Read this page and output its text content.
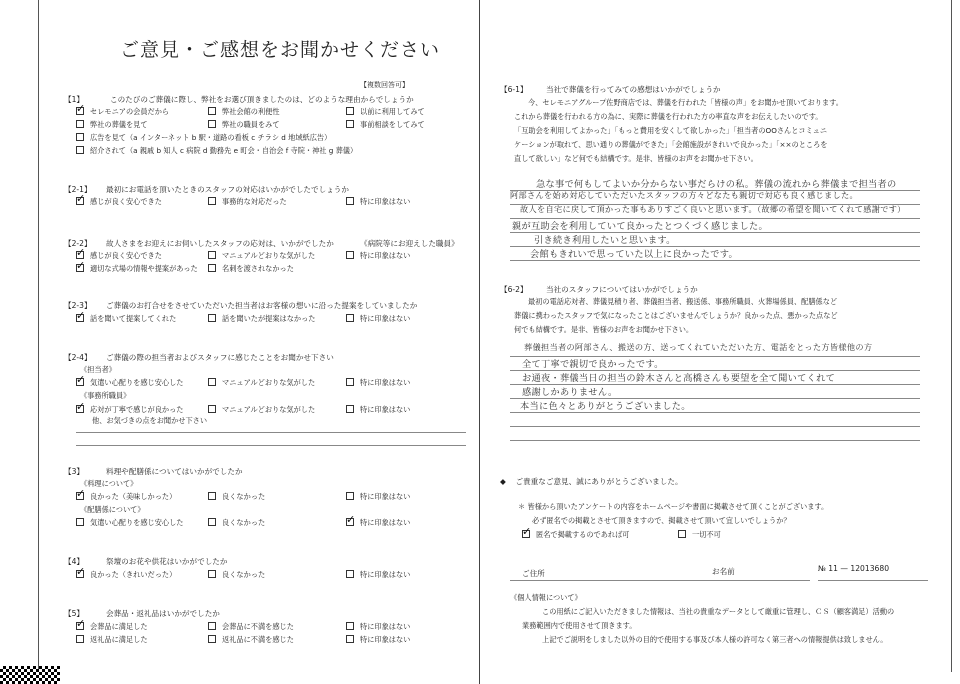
ご意見・ご感想をお聞かせください
【複数回答可】
【1】	このたびのご葬儀に際し、弊社をお選び頂きましたのは、どのような理由からでしょうか
✓セレモニアの会員だから	弊社会館の利便性	以前に利用してみて
弊社の葬儀を見て	弊社の職員をみて	事前相談をしてみて
広告を見て（a インターネット b 駅・道路の看板 c チラシ d 地域紙広告）
紹介されて（a 親戚 b 知人 c 病院 d 勤務先 e 町会・自治会 f 寺院・神社 g 葬儀）
【2-1】 最初にお電話を頂いたときのスタッフの対応はいかがでしたでしょうか
✓感じが良く安心できた	事務的な対応だった	特に印象はない
【2-2】 故人さまをお迎えにお伺いしたスタッフの応対は、いかがでしたか	《病院等にお迎えした職員》
✓感じが良く安心できた	マニュアルどおりな気がした	特に印象はない
✓適切な式場の情報や提案があった	名刺を渡されなかった
【2-3】 ご葬儀のお打合せをさせていただいた担当者はお客様の想いに沿った提案をしていましたか
✓話を聞いて提案してくれた	話を聞いたが提案はなかった	特に印象はない
【2-4】 ご葬儀の際の担当者およびスタッフに感じたことをお聞かせ下さい
《担当者》
✓気遣い心配りを感じ安心した	マニュアルどおりな気がした	特に印象はない
《事務所職員》
✓応対が丁寧で感じが良かった	マニュアルどおりな気がした	特に印象はない
他、お気づきの点をお聞かせ下さい
【3】	料理や配膳係についてはいかがでしたか
《料理について》
✓良かった（美味しかった）	良くなかった	特に印象はない
《配膳係について》
気遣い心配りを感じ安心した	良くなかった
✓	特に印象はない
【4】	祭壇のお花や供花はいかがでしたか
✓良かった（きれいだった）	良くなかった	特に印象はない
【5】	会葬品・返礼品はいかがでしたか
✓会葬品に満足した	会葬品に不満を感じた	特に印象はない
返礼品に満足した	返礼品に不満を感じた	特に印象はない
【6-1】 当社で葬儀を行ってみての感想はいかがでしょうか
今、セレモニアグループ佐野商店では、葬儀を行われた「皆様の声」をお聞かせ頂いております。
これから葬儀を行われる方の為に、実際に葬儀を行われた方の率直な声をお伝えしたいのです。
「互助会を利用してよかった」「もっと費用を安くして欲しかった」「担当者のOOさんとコミュニ
ケーションが取れて、思い通りの葬儀ができた」「会館施設がきれいで良かった」「××のところを
直して欲しい」など何でも結構です。是非、皆様のお声をお聞かせ下さい。
急な事で何もしてよいか分からない事だらけの私。葬儀の流れから葬儀まで担当者の
阿部さんを始め対応していただいたスタッフの方々どなたも親切で対応も良く感じました。
故人を自宅に戻して頂かった事もありすごく良いと思います。（故郷の希望を聞いてくれて感謝です）
親が互助会を利用していて良かったとつくづく感じました。
引き続き利用したいと思います。
会館もきれいで思っていた以上に良かったです。
【6-2】 当社のスタッフについてはいかがでしょうか
最初の電話応対者、葬儀見積り者、葬儀担当者、搬送係、事務所職員、火葬場係員、配膳係など
葬儀に携わったスタッフで気になったことはございませんでしょうか？良かった点、悪かった点など
何でも結構です。是非、皆様のお声をお聞かせ下さい。
葬儀担当者の阿部さん、搬送の方、送ってくれていただいた方、電話をとった方皆様他の方
全て丁寧で親切で良かったです。
お通夜・葬儀当日の担当の鈴木さんと高橋さんも要望を全て聞いてくれて
感謝しかありません。
本当に色々とありがとうございました。
◆ ご貴重なご意見、誠にありがとうございました。
＊ 皆様から頂いたアンケートの内容をホームページや書面に掲載させて頂くことがございます。
必ず匿名での掲載とさせて頂きますので、掲載させて頂いて宜しいでしょうか？
✓匿名で掲載するのであれば可	一切不可
ご住所	お名前	№ 11 — 12013680
《個人情報について》
この用紙にご記入いただきました情報は、当社の貴重なデータとして厳重に管理し、ＣＳ（顧客満足）活動の
業務範囲内で使用させて頂きます。
上記でご説明をしました以外の目的で使用する事及び本人様の許可なく第三者への情報提供は致しません。
